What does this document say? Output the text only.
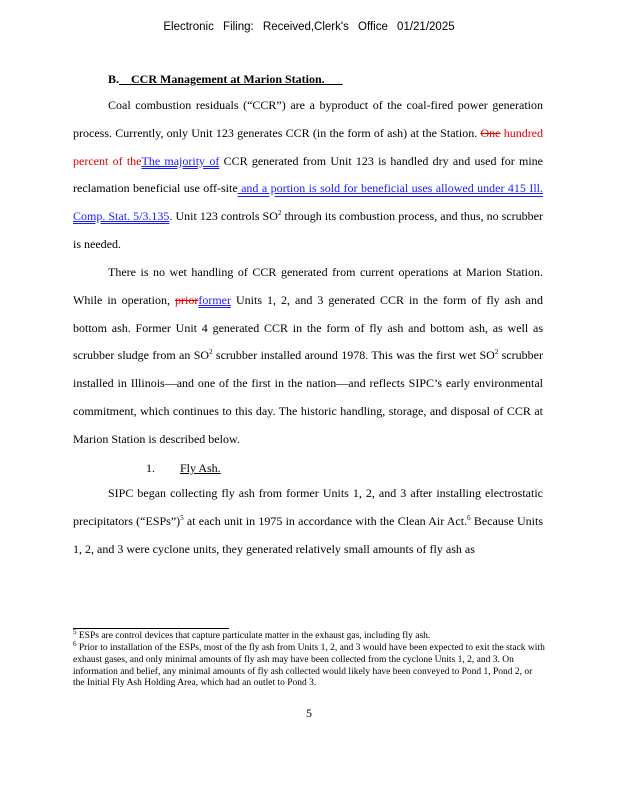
Electronic Filing: Received,Clerk's Office 01/21/2025
B. CCR Management at Marion Station.

Coal combustion residuals (“CCR”) are a byproduct of the coal-fired power generation process. Currently, only Unit 123 generates CCR (in the form of ash) at the Station. One hundred percent of theThe majority of CCR generated from Unit 123 is handled dry and used for mine reclamation beneficial use off-site and a portion is sold for beneficial uses allowed under 415 Ill. Comp. Stat. 5/3.135. Unit 123 controls $SO^2$ through its combustion process, and thus, no scrubber is needed.

There is no wet handling of CCR generated from current operations at Marion Station. While in operation, priorformer Units 1, 2, and 3 generated CCR in the form of fly ash and bottom ash. Former Unit 4 generated CCR in the form of fly ash and bottom ash, as well as scrubber sludge from an $SO^2$ scrubber installed around 1978. This was the first wet $SO^2$ scrubber installed in Illinois—and one of the first in the nation—and reflects SIPC’s early environmental commitment, which continues to this day. The historic handling, storage, and disposal of CCR at Marion Station is described below.

1. Fly Ash.

SIPC began collecting fly ash from former Units 1, 2, and 3 after installing electrostatic precipitators (“ESPs”)$^5$ at each unit in 1975 in accordance with the Clean Air Act.$^6$ Because Units 1, 2, and 3 were cyclone units, they generated relatively small amounts of fly ash as

$^5$ ESPs are control devices that capture particulate matter in the exhaust gas, including fly ash.

$^6$ Prior to installation of the ESPs, most of the fly ash from Units 1, 2, and 3 would have been expected to exit the stack with exhaust gases, and only minimal amounts of fly ash may have been collected from the cyclone Units 1, 2, and 3. On information and belief, any minimal amounts of fly ash collected would likely have been conveyed to Pond 1, Pond 2, or the Initial Fly Ash Holding Area, which had an outlet to Pond 3.

5
